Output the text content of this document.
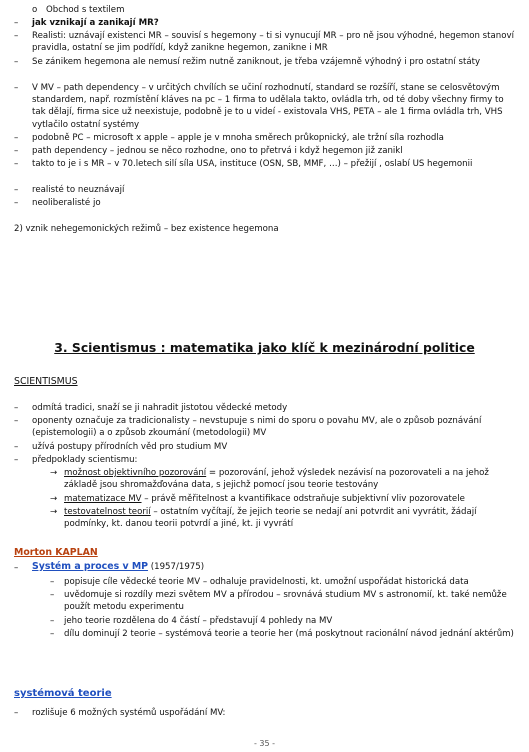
o Obchod s textilem
– jak vznikají a zanikají MR?
– Realisti: uznávají existenci MR – souvisí s hegemony – ti si vynucují MR – pro ně jsou výhodné, hegemon stanoví pravidla, ostatní se jim podřídí, když zanikne hegemon, zanikne i MR
– Se zánikem hegemona ale nemusí režim nutně zaniknout, je třeba vzájemně výhodný i pro ostatní státy
– V MV – path dependency – v určitých chvílích se učiní rozhodnutí, standard se rozšíří, stane se celosvětovým standardem, např. rozmístění kláves na pc – 1 firma to udělala takto, ovládla trh, od té doby všechny firmy to tak dělají, firma sice už neexistuje, podobně je to u videí - existovala VHS, PETA – ale 1 firma ovládla trh, VHS vytlačilo ostatní systémy
– podobně PC – microsoft x apple – apple je v mnoha směrech průkopnický, ale tržní síla rozhodla
– path dependency – jednou se něco rozhodne, ono to přetrvá i když hegemon již zanikl
– takto to je i s MR – v 70.letech silí síla USA, instituce (OSN, SB, MMF, …) – přežijí , oslabí US hegemonii
– realisté to neuznávají
– neoliberalisté jo
2) vznik nehegemonických režimů – bez existence hegemona
3. Scientismus : matematika jako klíč k mezinárodní politice
SCIENTISMUS
– odmítá tradici, snaží se ji nahradit jistotou vědecké metody
– oponenty označuje za tradicionalisty – nevstupuje s nimi do sporu o povahu MV, ale o způsob poznávání (epistemologii) a o způsob zkoumání (metodologii) MV
– užívá postupy přírodních věd pro studium MV
– předpoklady scientismu:
→ možnost objektivního pozorování = pozorování, jehož výsledek nezávisí na pozorovateli a na jehož základě jsou shromažďována data, s jejichž pomocí jsou teorie testovány
→ matematizace MV – právě měřitelnost a kvantifikace odstraňuje subjektivní vliv pozorovatele
→ testovatelnost teorií – ostatním vyčítají, že jejich teorie se nedají ani potvrdit ani vyvrátit, žádají podmínky, kt. danou teorii potvrdí a jiné, kt. ji vyvrátí
Morton KAPLAN
– Systém a proces v MP (1957/1975)
– popisuje cíle vědecké teorie MV – odhaluje pravidelnosti, kt. umožní uspořádat historická data
– uvědomuje si rozdíly mezi světem MV a přírodou – srovnává studium MV s astronomií, kt. také nemůže použít metodu experimentu
– jeho teorie rozdělena do 4 částí – představují 4 pohledy na MV
– dílu dominují 2 teorie – systémová teorie a teorie her (má poskytnout racionální návod jednání aktérům)
systémová teorie
– rozlišuje 6 možných systémů uspořádání MV:
- 35 -
